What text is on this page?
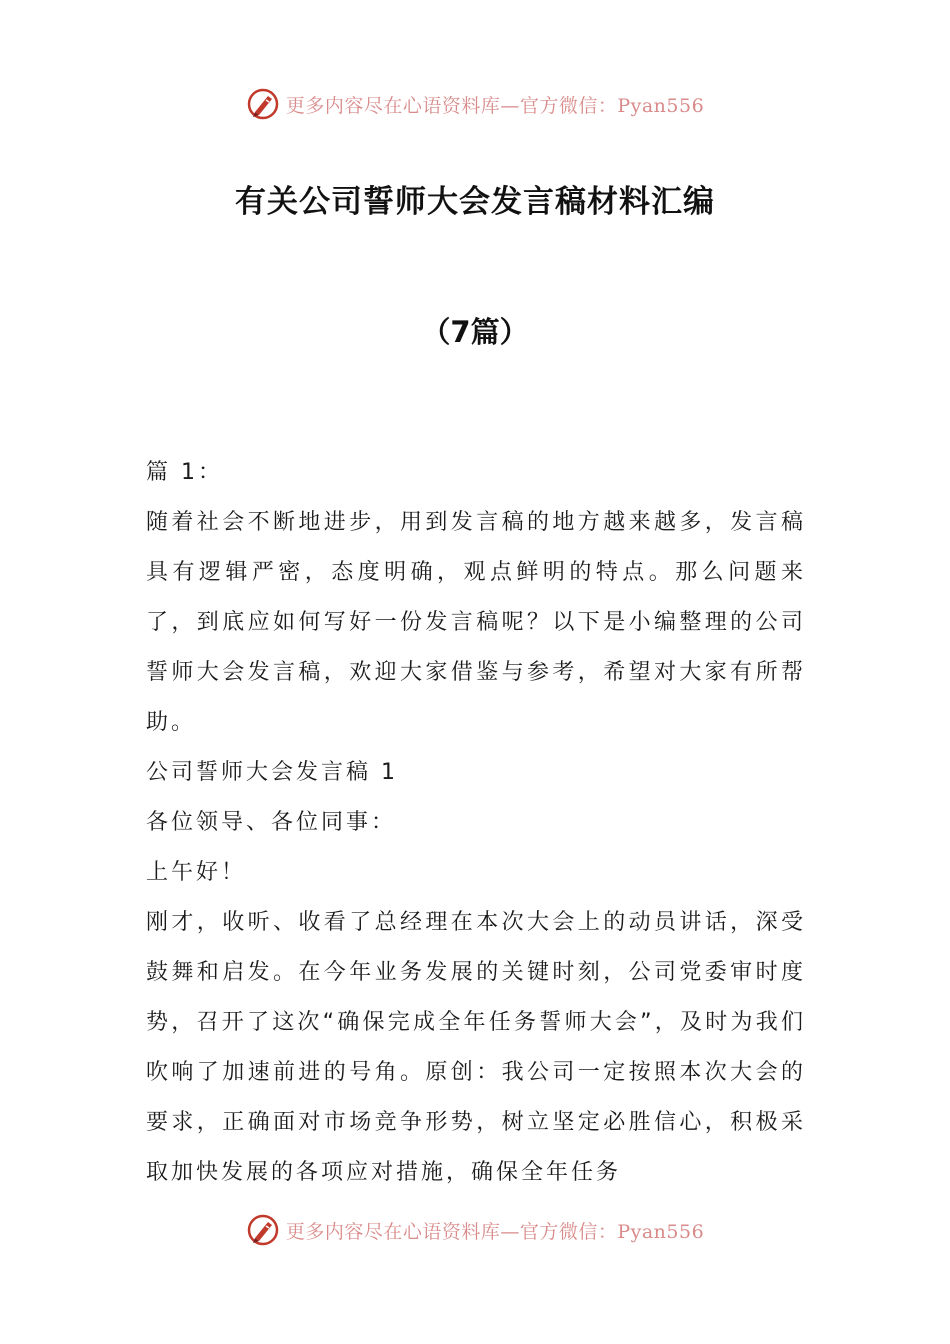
更多内容尽在心语资料库—官方微信：Pyan556
有关公司誓师大会发言稿材料汇编
（7篇）

篇 1：

随着社会不断地进步，用到发言稿的地方越来越多，发言稿具有逻辑严密，态度明确，观点鲜明的特点。那么问题来了，到底应如何写好一份发言稿呢？以下是小编整理的公司誓师大会发言稿，欢迎大家借鉴与参考，希望对大家有所帮助。

公司誓师大会发言稿 1

各位领导、各位同事：

上午好！

刚才，收听、收看了总经理在本次大会上的动员讲话，深受鼓舞和启发。在今年业务发展的关键时刻，公司党委审时度势，召开了这次“确保完成全年任务誓师大会”，及时为我们吹响了加速前进的号角。原创：我公司一定按照本次大会的要求，正确面对市场竞争形势，树立坚定必胜信心，积极采取加快发展的各项应对措施，确保全年任务

更多内容尽在心语资料库—官方微信：Pyan556
